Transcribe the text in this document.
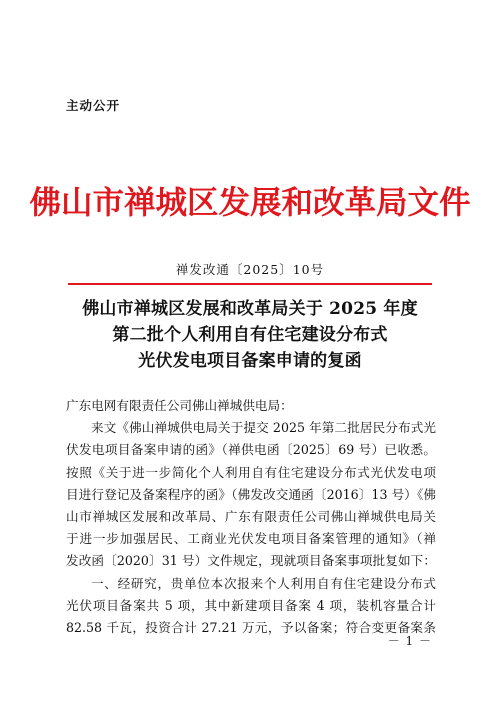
主动公开
佛山市禅城区发展和改革局文件
禅发改通〔2025〕10号
佛山市禅城区发展和改革局关于 2025 年度
第二批个人利用自有住宅建设分布式
光伏发电项目备案申请的复函
广东电网有限责任公司佛山禅城供电局：
来文《佛山禅城供电局关于提交 2025 年第二批居民分布式光
伏发电项目备案申请的函》（禅供电函〔2025〕69 号）已收悉。
按照《关于进一步简化个人利用自有住宅建设分布式光伏发电项
目进行登记及备案程序的函》（佛发改交通函〔2016〕13 号）《佛
山市禅城区发展和改革局、广东有限责任公司佛山禅城供电局关
于进一步加强居民、工商业光伏发电项目备案管理的通知》（禅
发改函〔2020〕31 号）文件规定，现就项目备案事项批复如下：
一、经研究，贵单位本次报来个人利用自有住宅建设分布式
光伏项目备案共 5 项，其中新建项目备案 4 项，装机容量合计
82.58 千瓦，投资合计 27.21 万元，予以备案；符合变更备案条
－ 1 －
